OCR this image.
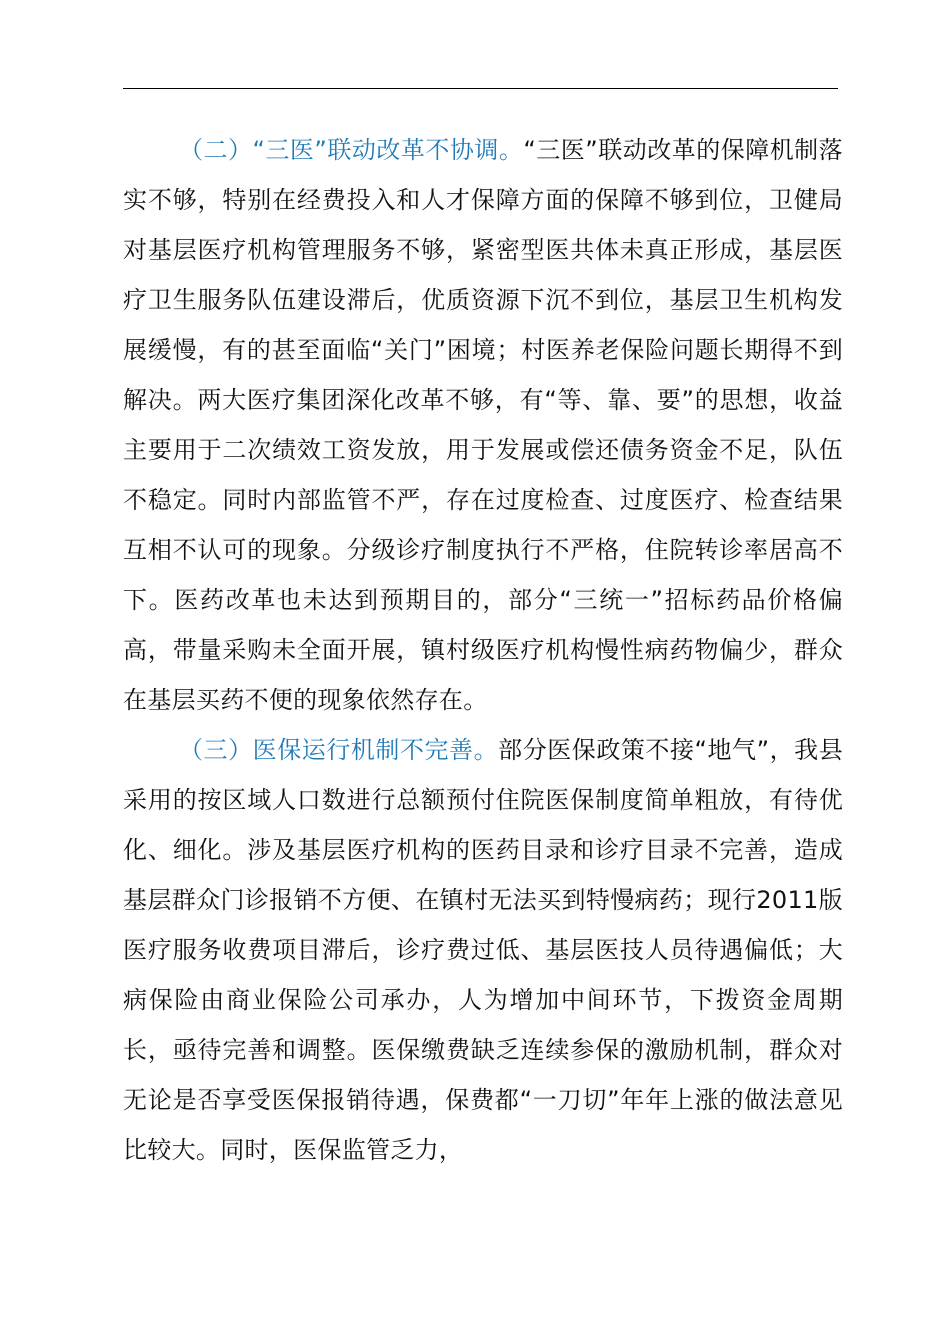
（二）“三医”联动改革不协调。“三医”联动改革的保障机制落实不够，特别在经费投入和人才保障方面的保障不够到位，卫健局对基层医疗机构管理服务不够，紧密型医共体未真正形成，基层医疗卫生服务队伍建设滞后，优质资源下沉不到位，基层卫生机构发展缓慢，有的甚至面临“关门”困境；村医养老保险问题长期得不到解决。两大医疗集团深化改革不够，有“等、靠、要”的思想，收益主要用于二次绩效工资发放，用于发展或偿还债务资金不足，队伍不稳定。同时内部监管不严，存在过度检查、过度医疗、检查结果互相不认可的现象。分级诊疗制度执行不严格，住院转诊率居高不下。医药改革也未达到预期目的，部分“三统一”招标药品价格偏高，带量采购未全面开展，镇村级医疗机构慢性病药物偏少，群众在基层买药不便的现象依然存在。

（三）医保运行机制不完善。部分医保政策不接“地气”，我县采用的按区域人口数进行总额预付住院医保制度简单粗放，有待优化、细化。涉及基层医疗机构的医药目录和诊疗目录不完善，造成基层群众门诊报销不方便、在镇村无法买到特慢病药；现行2011版医疗服务收费项目滞后，诊疗费过低、基层医技人员待遇偏低；大病保险由商业保险公司承办，人为增加中间环节，下拨资金周期长，亟待完善和调整。医保缴费缺乏连续参保的激励机制，群众对无论是否享受医保报销待遇，保费都“一刀切”年年上涨的做法意见比较大。同时，医保监管乏力，
